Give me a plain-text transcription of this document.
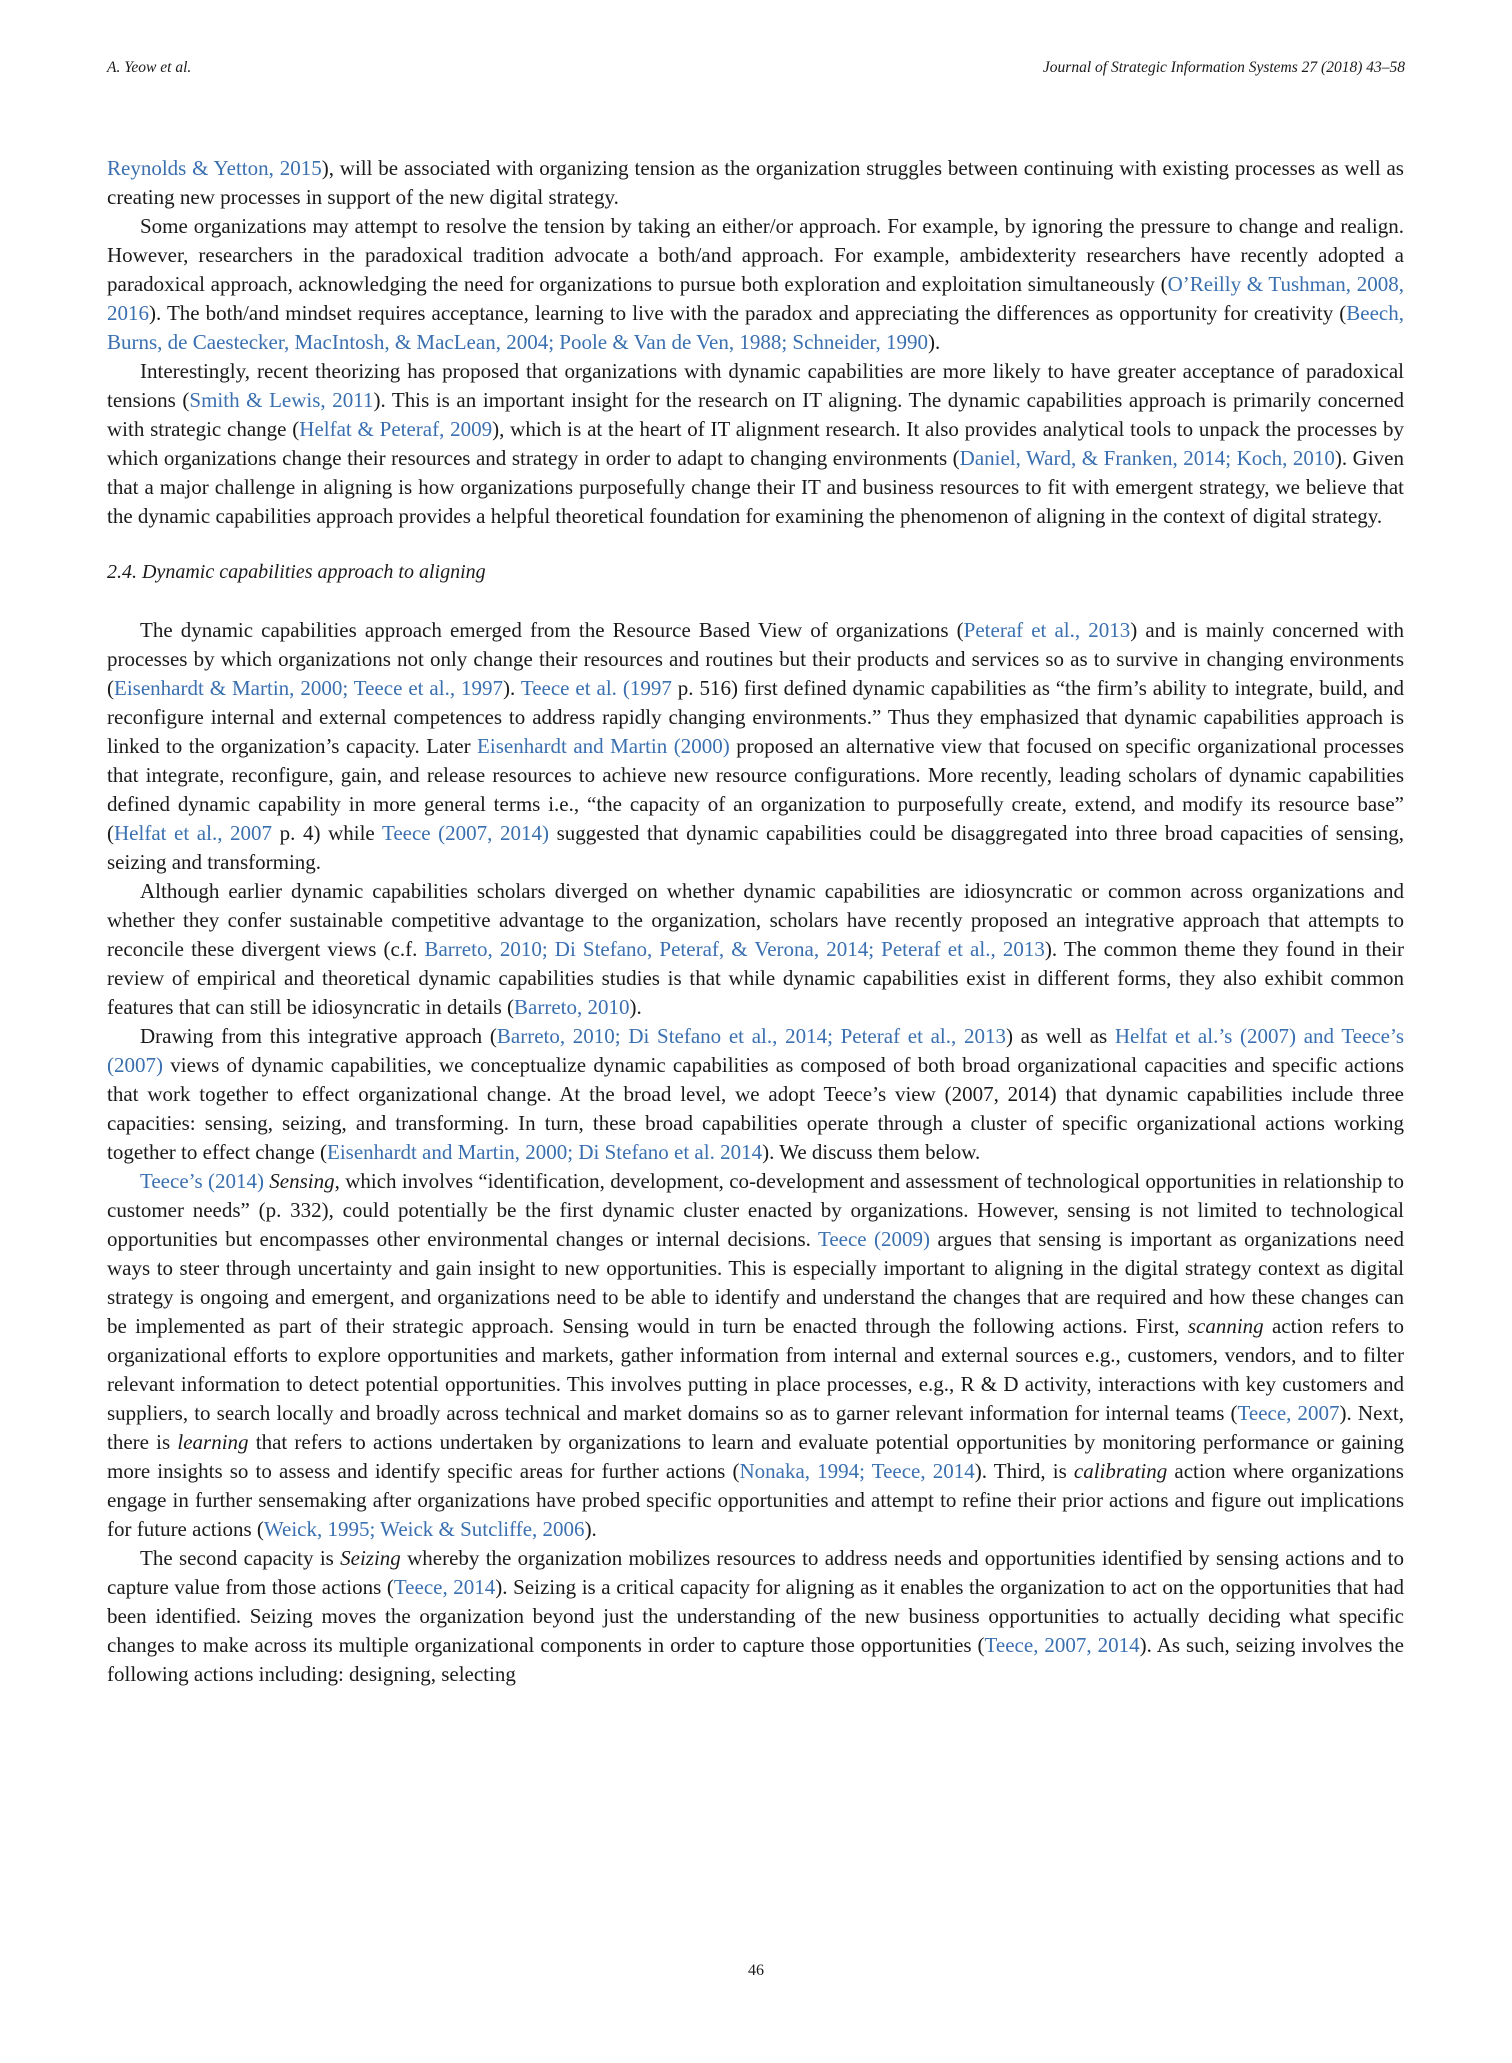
A. Yeow et al.	Journal of Strategic Information Systems 27 (2018) 43–58

Reynolds & Yetton, 2015), will be associated with organizing tension as the organization struggles between continuing with existing processes as well as creating new processes in support of the new digital strategy.

Some organizations may attempt to resolve the tension by taking an either/or approach. For example, by ignoring the pressure to change and realign. However, researchers in the paradoxical tradition advocate a both/and approach. For example, ambidexterity researchers have recently adopted a paradoxical approach, acknowledging the need for organizations to pursue both exploration and exploitation simultaneously (O’Reilly & Tushman, 2008, 2016). The both/and mindset requires acceptance, learning to live with the paradox and appreciating the differences as opportunity for creativity (Beech, Burns, de Caestecker, MacIntosh, & MacLean, 2004; Poole & Van de Ven, 1988; Schneider, 1990).

Interestingly, recent theorizing has proposed that organizations with dynamic capabilities are more likely to have greater acceptance of paradoxical tensions (Smith & Lewis, 2011). This is an important insight for the research on IT aligning. The dynamic capabilities approach is primarily concerned with strategic change (Helfat & Peteraf, 2009), which is at the heart of IT alignment research. It also provides analytical tools to unpack the processes by which organizations change their resources and strategy in order to adapt to changing environments (Daniel, Ward, & Franken, 2014; Koch, 2010). Given that a major challenge in aligning is how organizations purposefully change their IT and business resources to fit with emergent strategy, we believe that the dynamic capabilities approach provides a helpful theoretical foundation for examining the phenomenon of aligning in the context of digital strategy.

2.4. Dynamic capabilities approach to aligning

The dynamic capabilities approach emerged from the Resource Based View of organizations (Peteraf et al., 2013) and is mainly concerned with processes by which organizations not only change their resources and routines but their products and services so as to survive in changing environments (Eisenhardt & Martin, 2000; Teece et al., 1997). Teece et al. (1997 p. 516) first defined dynamic capabilities as “the firm’s ability to integrate, build, and reconfigure internal and external competences to address rapidly changing environments.” Thus they emphasized that dynamic capabilities approach is linked to the organization’s capacity. Later Eisenhardt and Martin (2000) proposed an alternative view that focused on specific organizational processes that integrate, reconfigure, gain, and release resources to achieve new resource configurations. More recently, leading scholars of dynamic capabilities defined dynamic capability in more general terms i.e., “the capacity of an organization to purposefully create, extend, and modify its resource base” (Helfat et al., 2007 p. 4) while Teece (2007, 2014) suggested that dynamic capabilities could be disaggregated into three broad capacities of sensing, seizing and transforming.

Although earlier dynamic capabilities scholars diverged on whether dynamic capabilities are idiosyncratic or common across organizations and whether they confer sustainable competitive advantage to the organization, scholars have recently proposed an integrative approach that attempts to reconcile these divergent views (c.f. Barreto, 2010; Di Stefano, Peteraf, & Verona, 2014; Peteraf et al., 2013). The common theme they found in their review of empirical and theoretical dynamic capabilities studies is that while dynamic capabilities exist in different forms, they also exhibit common features that can still be idiosyncratic in details (Barreto, 2010).

Drawing from this integrative approach (Barreto, 2010; Di Stefano et al., 2014; Peteraf et al., 2013) as well as Helfat et al.’s (2007) and Teece’s (2007) views of dynamic capabilities, we conceptualize dynamic capabilities as composed of both broad organizational capacities and specific actions that work together to effect organizational change. At the broad level, we adopt Teece’s view (2007, 2014) that dynamic capabilities include three capacities: sensing, seizing, and transforming. In turn, these broad capabilities operate through a cluster of specific organizational actions working together to effect change (Eisenhardt and Martin, 2000; Di Stefano et al. 2014). We discuss them below.

Teece’s (2014) Sensing, which involves “identification, development, co-development and assessment of technological opportunities in relationship to customer needs” (p. 332), could potentially be the first dynamic cluster enacted by organizations. However, sensing is not limited to technological opportunities but encompasses other environmental changes or internal decisions. Teece (2009) argues that sensing is important as organizations need ways to steer through uncertainty and gain insight to new opportunities. This is especially important to aligning in the digital strategy context as digital strategy is ongoing and emergent, and organizations need to be able to identify and understand the changes that are required and how these changes can be implemented as part of their strategic approach. Sensing would in turn be enacted through the following actions. First, scanning action refers to organizational efforts to explore opportunities and markets, gather information from internal and external sources e.g., customers, vendors, and to filter relevant information to detect potential opportunities. This involves putting in place processes, e.g., R & D activity, interactions with key customers and suppliers, to search locally and broadly across technical and market domains so as to garner relevant information for internal teams (Teece, 2007). Next, there is learning that refers to actions undertaken by organizations to learn and evaluate potential opportunities by monitoring performance or gaining more insights so to assess and identify specific areas for further actions (Nonaka, 1994; Teece, 2014). Third, is calibrating action where organizations engage in further sensemaking after organizations have probed specific opportunities and attempt to refine their prior actions and figure out implications for future actions (Weick, 1995; Weick & Sutcliffe, 2006).

The second capacity is Seizing whereby the organization mobilizes resources to address needs and opportunities identified by sensing actions and to capture value from those actions (Teece, 2014). Seizing is a critical capacity for aligning as it enables the organization to act on the opportunities that had been identified. Seizing moves the organization beyond just the understanding of the new business opportunities to actually deciding what specific changes to make across its multiple organizational components in order to capture those opportunities (Teece, 2007, 2014). As such, seizing involves the following actions including: designing, selecting

46
